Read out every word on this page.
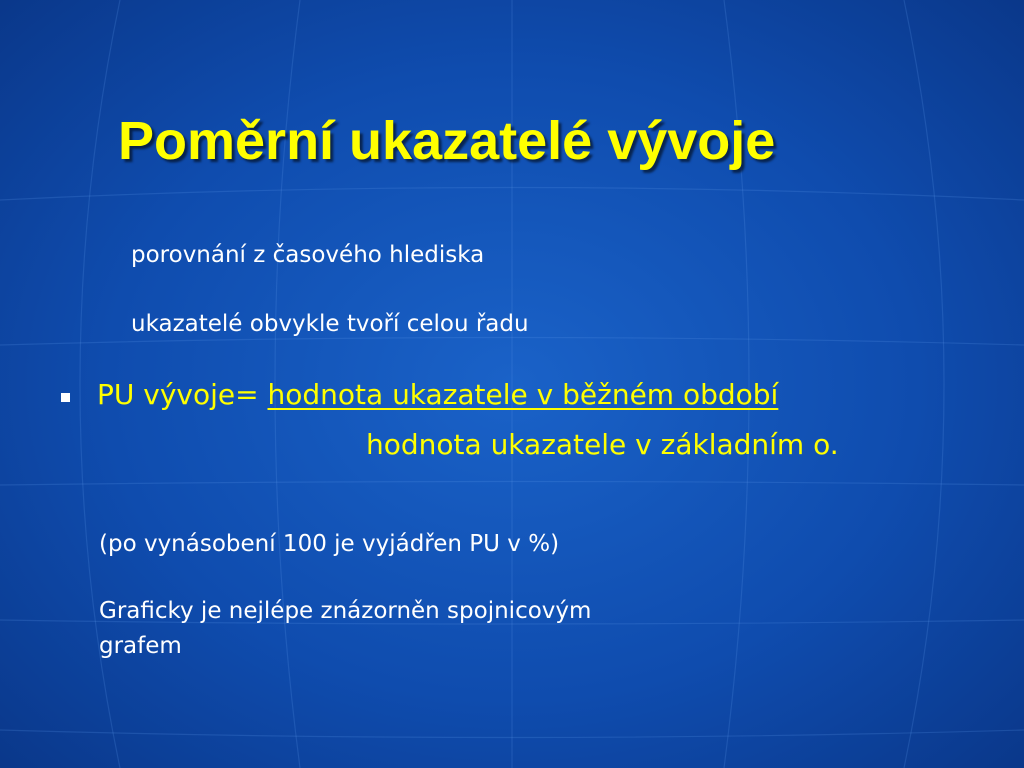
Poměrní ukazatelé vývoje

porovnání z časového hlediska

ukazatelé obvykle tvoří celou řadu

PU vývoje= hodnota ukazatele v běžném období

hodnota ukazatele v základním o.

(po vynásobení 100 je vyjádřen PU v %)

Graficky je nejlépe znázorněn spojnicovým

grafem
